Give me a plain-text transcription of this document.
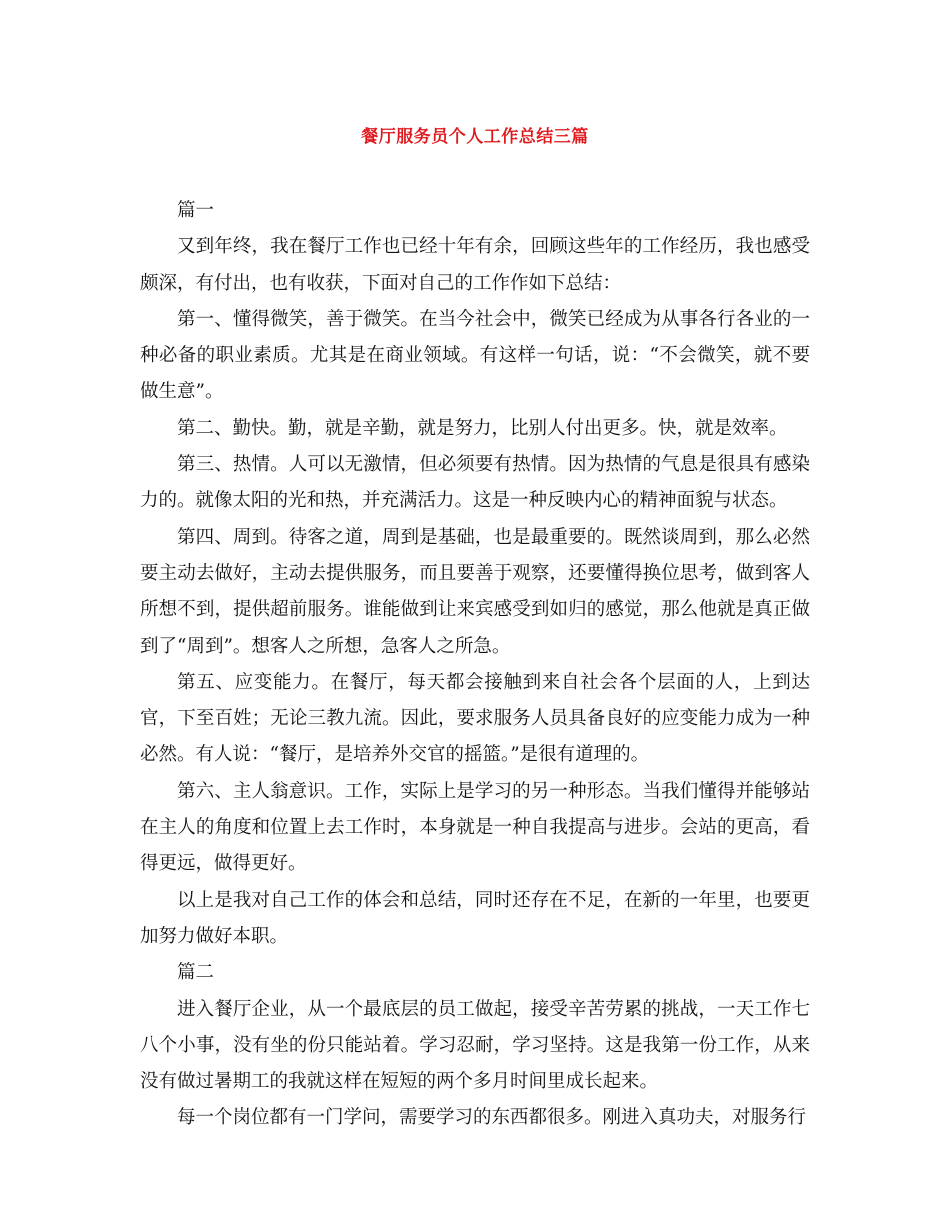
餐厅服务员个人工作总结三篇

篇一

又到年终，我在餐厅工作也已经十年有余，回顾这些年的工作经历，我也感受颇深，有付出，也有收获，下面对自己的工作作如下总结：

第一、懂得微笑，善于微笑。在当今社会中，微笑已经成为从事各行各业的一种必备的职业素质。尤其是在商业领域。有这样一句话，说：“不会微笑，就不要做生意”。

第二、勤快。勤，就是辛勤，就是努力，比别人付出更多。快，就是效率。

第三、热情。人可以无激情，但必须要有热情。因为热情的气息是很具有感染力的。就像太阳的光和热，并充满活力。这是一种反映内心的精神面貌与状态。

第四、周到。待客之道，周到是基础，也是最重要的。既然谈周到，那么必然要主动去做好，主动去提供服务，而且要善于观察，还要懂得换位思考，做到客人所想不到，提供超前服务。谁能做到让来宾感受到如归的感觉，那么他就是真正做到了“周到”。想客人之所想，急客人之所急。

第五、应变能力。在餐厅，每天都会接触到来自社会各个层面的人，上到达官，下至百姓；无论三教九流。因此，要求服务人员具备良好的应变能力成为一种必然。有人说：“餐厅，是培养外交官的摇篮。”是很有道理的。

第六、主人翁意识。工作，实际上是学习的另一种形态。当我们懂得并能够站在主人的角度和位置上去工作时，本身就是一种自我提高与进步。会站的更高，看得更远，做得更好。

以上是我对自己工作的体会和总结，同时还存在不足，在新的一年里，也要更加努力做好本职。

篇二

进入餐厅企业，从一个最底层的员工做起，接受辛苦劳累的挑战，一天工作七八个小事，没有坐的份只能站着。学习忍耐，学习坚持。这是我第一份工作，从来没有做过暑期工的我就这样在短短的两个多月时间里成长起来。

每一个岗位都有一门学问，需要学习的东西都很多。刚进入真功夫，对服务行
